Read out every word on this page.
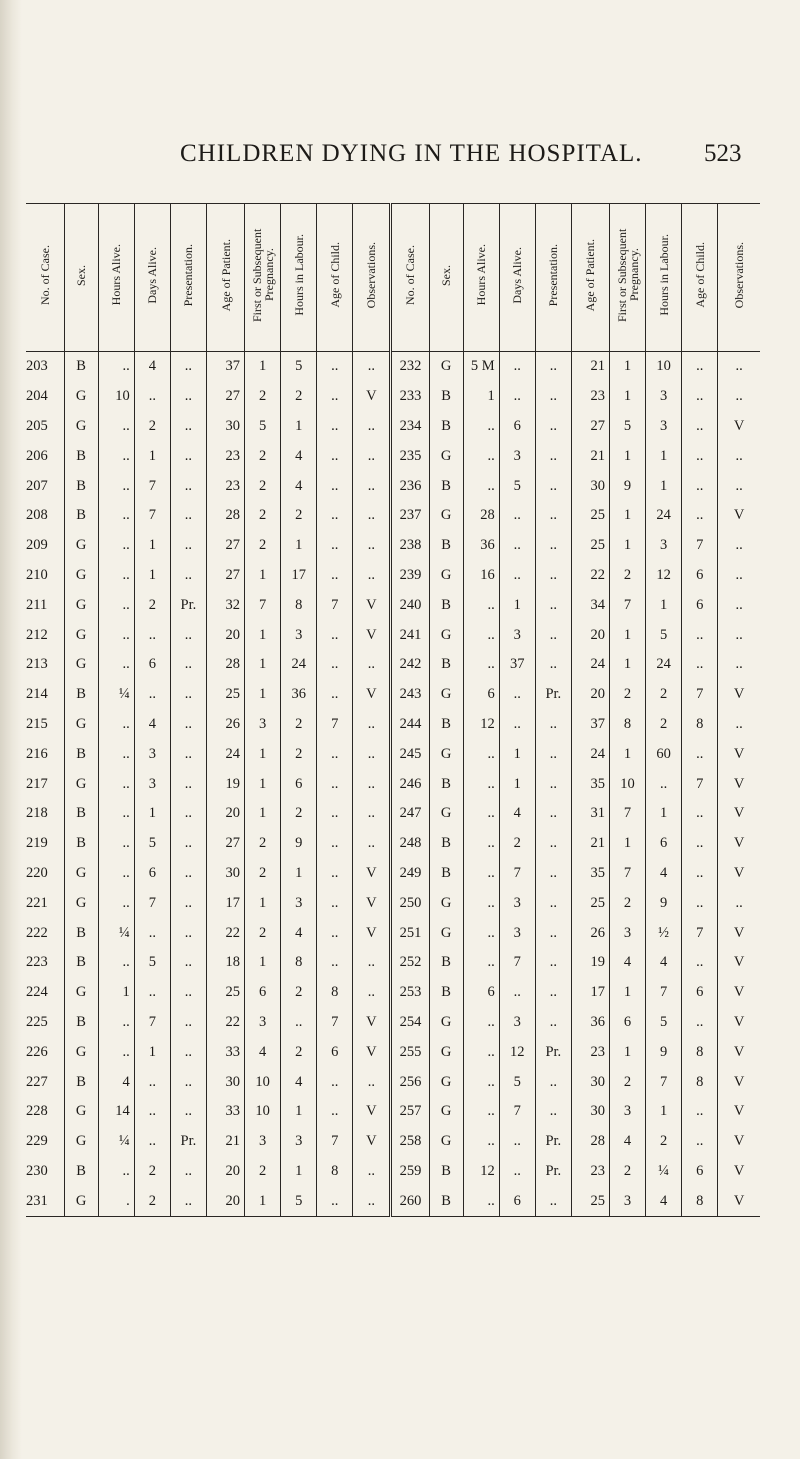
CHILDREN DYING IN THE HOSPITAL. 523
No. of Case.	Sex.	Hours Alive.	Days Alive.	Presentation.	Age of Patient.	First or Subsequent Pregnancy.	Hours in Labour.	Age of Child.	Observations.	No. of Case.	Sex.	Hours Alive.	Days Alive.	Presentation.	Age of Patient.	First or Subsequent Pregnancy.	Hours in Labour.	Age of Child.	Observations.
203	B	..	4	..	37	1	5	..	..	232	G	5 M	..	..	21	1	10	..	..
204	G	10	..	..	27	2	2	..	V	233	B	1	..	..	23	1	3	..	..
205	G	..	2	..	30	5	1	..	..	234	B	..	6	..	27	5	3	..	V
206	B	..	1	..	23	2	4	..	..	235	G	..	3	..	21	1	1	..	..
207	B	..	7	..	23	2	4	..	..	236	B	..	5	..	30	9	1	..	..
208	B	..	7	..	28	2	2	..	..	237	G	28	..	..	25	1	24	..	V
209	G	..	1	..	27	2	1	..	..	238	B	36	..	..	25	1	3	7	..
210	G	..	1	..	27	1	17	..	..	239	G	16	..	..	22	2	12	6	..
211	G	..	2	Pr.	32	7	8	7	V	240	B	..	1	..	34	7	1	6	..
212	G	..	..	..	20	1	3	..	V	241	G	..	3	..	20	1	5	..	..
213	G	..	6	..	28	1	24	..	..	242	B	..	37	..	24	1	24	..	..
214	B	¼	..	..	25	1	36	..	V	243	G	6	..	Pr.	20	2	2	7	V
215	G	..	4	..	26	3	2	7	..	244	B	12	..	..	37	8	2	8	..
216	B	..	3	..	24	1	2	..	..	245	G	..	1	..	24	1	60	..	V
217	G	..	3	..	19	1	6	..	..	246	B	..	1	..	35	10	..	7	V
218	B	..	1	..	20	1	2	..	..	247	G	..	4	..	31	7	1	..	V
219	B	..	5	..	27	2	9	..	..	248	B	..	2	..	21	1	6	..	V
220	G	..	6	..	30	2	1	..	V	249	B	..	7	..	35	7	4	..	V
221	G	..	7	..	17	1	3	..	V	250	G	..	3	..	25	2	9	..	..
222	B	¼	..	..	22	2	4	..	V	251	G	..	3	..	26	3	½	7	V
223	B	..	5	..	18	1	8	..	..	252	B	..	7	..	19	4	4	..	V
224	G	1	..	..	25	6	2	8	..	253	B	6	..	..	17	1	7	6	V
225	B	..	7	..	22	3	..	7	V	254	G	..	3	..	36	6	5	..	V
226	G	..	1	..	33	4	2	6	V	255	G	..	12	Pr.	23	1	9	8	V
227	B	4	..	..	30	10	4	..	..	256	G	..	5	..	30	2	7	8	V
228	G	14	..	..	33	10	1	..	V	257	G	..	7	..	30	3	1	..	V
229	G	¼	..	Pr.	21	3	3	7	V	258	G	..	..	Pr.	28	4	2	..	V
230	B	..	2	..	20	2	1	8	..	259	B	12	..	Pr.	23	2	¼	6	V
231	G	.	2	..	20	1	5	..	..	260	B	..	6	..	25	3	4	8	V
